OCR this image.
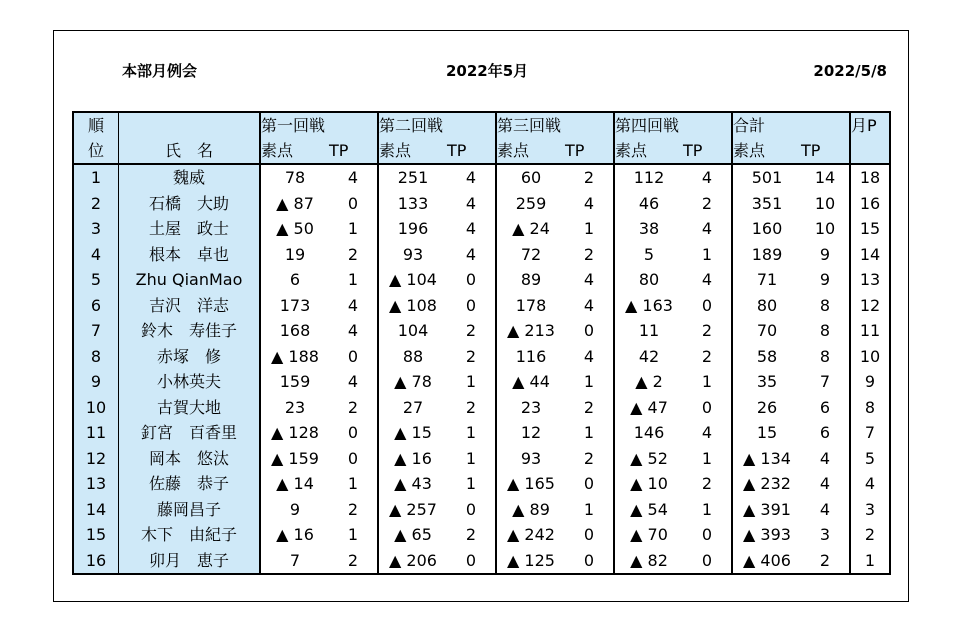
本部月例会	2022年5月	2022/5/8
順		第一回戦		第二回戦		第三回戦		第四回戦		合計		月P
位	氏　名	素点	TP	素点	TP	素点	TP	素点	TP	素点	TP	
1	魏威	78	4	251	4	60	2	112	4	501	14	18
2	石橋　大助	▲ 87	0	133	4	259	4	46	2	351	10	16
3	土屋　政士	▲ 50	1	196	4	▲ 24	1	38	4	160	10	15
4	根本　卓也	19	2	93	4	72	2	5	1	189	9	14
5	Zhu QianMao	6	1	▲ 104	0	89	4	80	4	71	9	13
6	吉沢　洋志	173	4	▲ 108	0	178	4	▲ 163	0	80	8	12
7	鈴木　寿佳子	168	4	104	2	▲ 213	0	11	2	70	8	11
8	赤塚　修	▲ 188	0	88	2	116	4	42	2	58	8	10
9	小林英夫	159	4	▲ 78	1	▲ 44	1	▲ 2	1	35	7	9
10	古賀大地	23	2	27	2	23	2	▲ 47	0	26	6	8
11	釘宮　百香里	▲ 128	0	▲ 15	1	12	1	146	4	15	6	7
12	岡本　悠汰	▲ 159	0	▲ 16	1	93	2	▲ 52	1	▲ 134	4	5
13	佐藤　恭子	▲ 14	1	▲ 43	1	▲ 165	0	▲ 10	2	▲ 232	4	4
14	藤岡昌子	9	2	▲ 257	0	▲ 89	1	▲ 54	1	▲ 391	4	3
15	木下　由紀子	▲ 16	1	▲ 65	2	▲ 242	0	▲ 70	0	▲ 393	3	2
16	卯月　恵子	7	2	▲ 206	0	▲ 125	0	▲ 82	0	▲ 406	2	1
